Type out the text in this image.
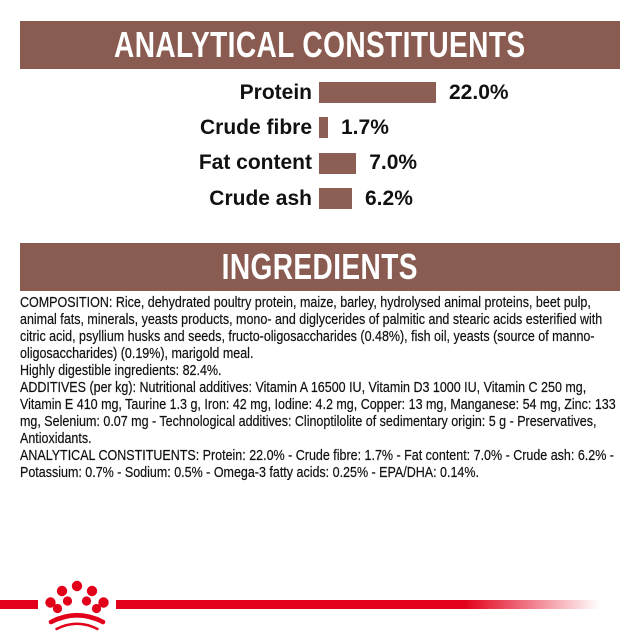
ANALYTICAL CONSTITUENTS
Protein	22.0%
Crude fibre 1.7%
Fat content	7.0%
Crude ash	6.2%
INGREDIENTS

COMPOSITION: Rice, dehydrated poultry protein, maize, barley, hydrolysed animal proteins, beet pulp, animal fats, minerals, yeasts products, mono- and diglycerides of palmitic and stearic acids esterified with citric acid, psyllium husks and seeds, fructo-oligosaccharides (0.48%), fish oil, yeasts (source of manno-oligosaccharides) (0.19%), marigold meal.

Highly digestible ingredients: 82.4%.

ADDITIVES (per kg): Nutritional additives: Vitamin A 16500 IU, Vitamin D3 1000 IU, Vitamin C 250 mg, Vitamin E 410 mg, Taurine 1.3 g, Iron: 42 mg, Iodine: 4.2 mg, Copper: 13 mg, Manganese: 54 mg, Zinc: 133 mg, Selenium: 0.07 mg - Technological additives: Clinoptilolite of sedimentary origin: 5 g - Preservatives, Antioxidants.

ANALYTICAL CONSTITUENTS: Protein: 22.0% - Crude fibre: 1.7% - Fat content: 7.0% - Crude ash: 6.2% - Potassium: 0.7% - Sodium: 0.5% - Omega-3 fatty acids: 0.25% - EPA/DHA: 0.14%.
